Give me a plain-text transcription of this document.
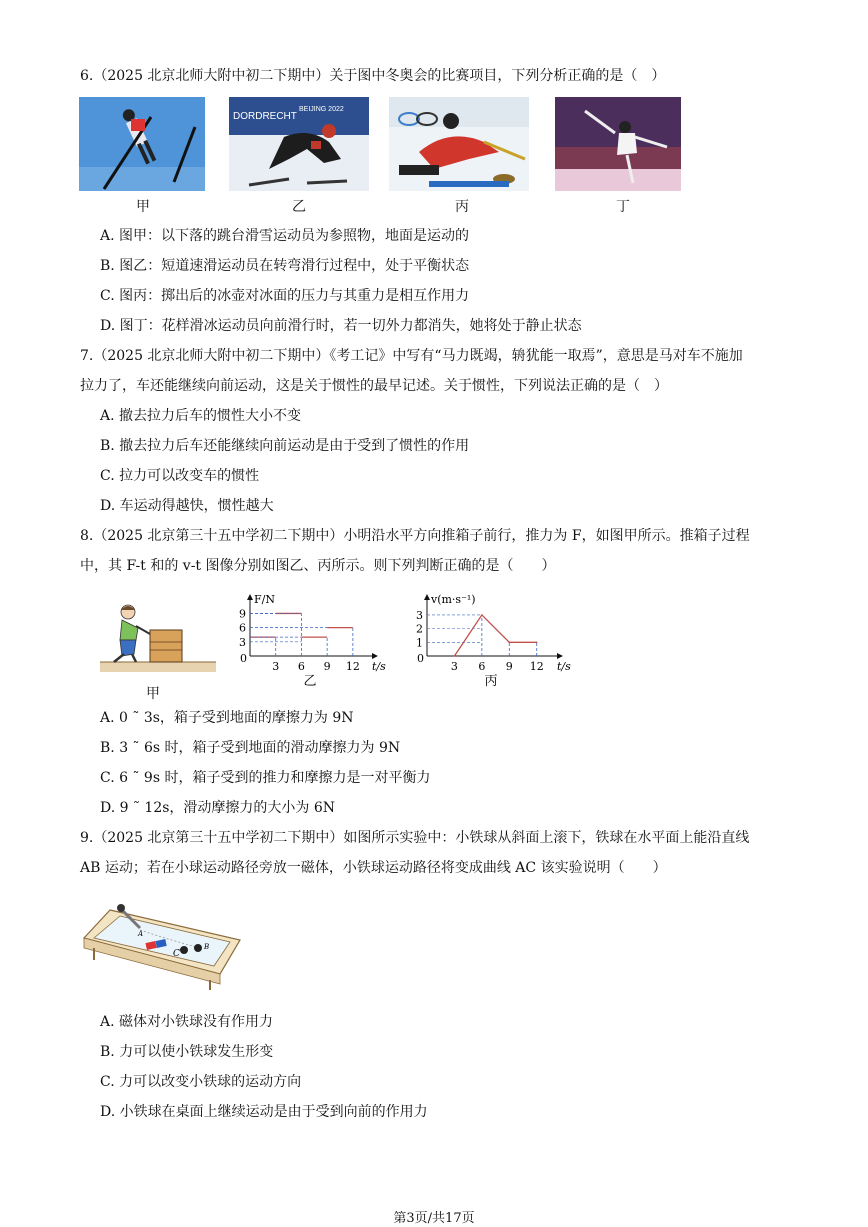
6.（2025 北京北师大附中初二下期中）关于图中冬奥会的比赛项目，下列分析正确的是（　）
DORDRECHT
BEIJING 2022
甲	乙	丙	丁
A. 图甲：以下落的跳台滑雪运动员为参照物，地面是运动的
B. 图乙：短道速滑运动员在转弯滑行过程中，处于平衡状态
C. 图丙：掷出后的冰壶对冰面的压力与其重力是相互作用力
D. 图丁：花样滑冰运动员向前滑行时，若一切外力都消失，她将处于静止状态
7.（2025 北京北师大附中初二下期中）《考工记》中写有“马力既竭，辀犹能一取焉”，意思是马对车不施加
拉力了，车还能继续向前运动，这是关于惯性的最早记述。关于惯性，下列说法正确的是（　）
A. 撤去拉力后车的惯性大小不变
B. 撤去拉力后车还能继续向前运动是由于受到了惯性的作用
C. 拉力可以改变车的惯性
D. 车运动得越快，惯性越大
8.（2025 北京第三十五中学初二下期中）小明沿水平方向推箱子前行，推力为 F，如图甲所示。推箱子过程
中，其 F-t 和的 v-t 图像分别如图乙、丙所示。则下列判断正确的是（　　）
甲
F/N
t/s
0
3 6 9 12
3
6
9
乙
v(m·s⁻¹)
t/s
0
3 6 9 12
1
2
3
丙
A. 0 ˜ 3s，箱子受到地面的摩擦力为 9N
B. 3 ˜ 6s 时，箱子受到地面的滑动摩擦力为 9N
C. 6 ˜ 9s 时，箱子受到的推力和摩擦力是一对平衡力
D. 9 ˜ 12s，滑动摩擦力的大小为 6N
9.（2025 北京第三十五中学初二下期中）如图所示实验中：小铁球从斜面上滚下，铁球在水平面上能沿直线
AB 运动；若在小球运动路径旁放一磁体，小铁球运动路径将变成曲线 AC 该实验说明（　　）
A
C
B
A. 磁体对小铁球没有作用力
B. 力可以使小铁球发生形变
C. 力可以改变小铁球的运动方向
D. 小铁球在桌面上继续运动是由于受到向前的作用力
第3页/共17页
